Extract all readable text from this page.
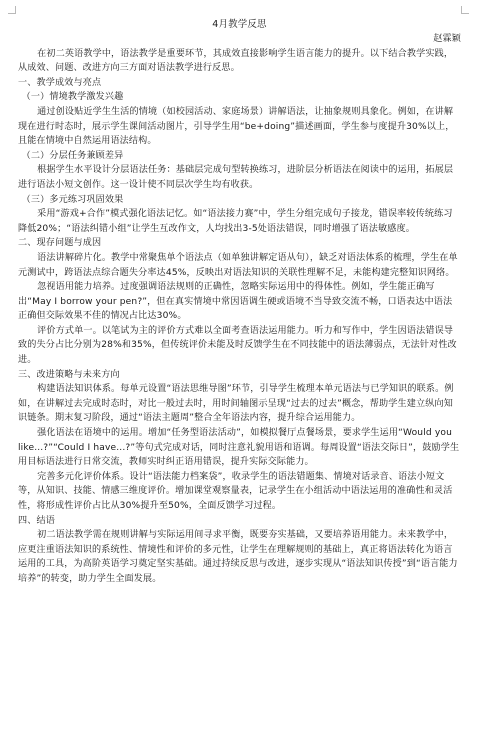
4月教学反思

赵霖颖

在初二英语教学中，语法教学是重要环节，其成效直接影响学生语言能力的提升。以下结合教学实践，从成效、问题、改进方向三方面对语法教学进行反思。

一、教学成效与亮点

（一）情境教学激发兴趣

通过创设贴近学生生活的情境（如校园活动、家庭场景）讲解语法，让抽象规则具象化。例如，在讲解现在进行时态时，展示学生课间活动图片，引导学生用“be+doing”描述画面，学生参与度提升30%以上，且能在情境中自然运用语法结构。

（二）分层任务兼顾差异

根据学生水平设计分层语法任务：基础层完成句型转换练习，进阶层分析语法在阅读中的运用，拓展层进行语法小短文创作。这一设计使不同层次学生均有收获。

（三）多元练习巩固效果

采用“游戏+合作”模式强化语法记忆。如“语法接力赛”中，学生分组完成句子接龙，错误率较传统练习降低20%；“语法纠错小组”让学生互改作文，人均找出3-5处语法错误，同时增强了语法敏感度。

二、现存问题与成因

语法讲解碎片化。教学中常聚焦单个语法点（如单独讲解定语从句），缺乏对语法体系的梳理，学生在单元测试中，跨语法点综合题失分率达45%，反映出对语法知识的关联性理解不足，未能构建完整知识网络。

忽视语用能力培养。过度强调语法规则的正确性，忽略实际运用中的得体性。例如，学生能正确写出“May I borrow your pen?”，但在真实情境中常因语调生硬或语境不当导致交流不畅，口语表达中语法正确但交际效果不佳的情况占比达30%。

评价方式单一。以笔试为主的评价方式难以全面考查语法运用能力。听力和写作中，学生因语法错误导致的失分占比分别为28%和35%，但传统评价未能及时反馈学生在不同技能中的语法薄弱点，无法针对性改进。

三、改进策略与未来方向

构建语法知识体系。每单元设置“语法思维导图”环节，引导学生梳理本单元语法与已学知识的联系。例如，在讲解过去完成时态时，对比一般过去时，用时间轴图示呈现“过去的过去”概念，帮助学生建立纵向知识链条。期末复习阶段，通过“语法主题周”整合全年语法内容，提升综合运用能力。

强化语法在语境中的运用。增加“任务型语法活动”，如模拟餐厅点餐场景，要求学生运用“Would you like...?”“Could I have...?”等句式完成对话，同时注意礼貌用语和语调。每周设置“语法交际日”，鼓励学生用目标语法进行日常交流，教师实时纠正语用错误，提升实际交际能力。

完善多元化评价体系。设计“语法能力档案袋”，收录学生的语法错题集、情境对话录音、语法小短文等，从知识、技能、情感三维度评价。增加课堂观察量表，记录学生在小组活动中语法运用的准确性和灵活性，将形成性评价占比从30%提升至50%，全面反馈学习过程。

四、结语

初二语法教学需在规则讲解与实际运用间寻求平衡，既要夯实基础，又要培养语用能力。未来教学中，应更注重语法知识的系统性、情境性和评价的多元性，让学生在理解规则的基础上，真正将语法转化为语言运用的工具，为高阶英语学习奠定坚实基础。通过持续反思与改进，逐步实现从“语法知识传授”到“语言能力培养”的转变，助力学生全面发展。
